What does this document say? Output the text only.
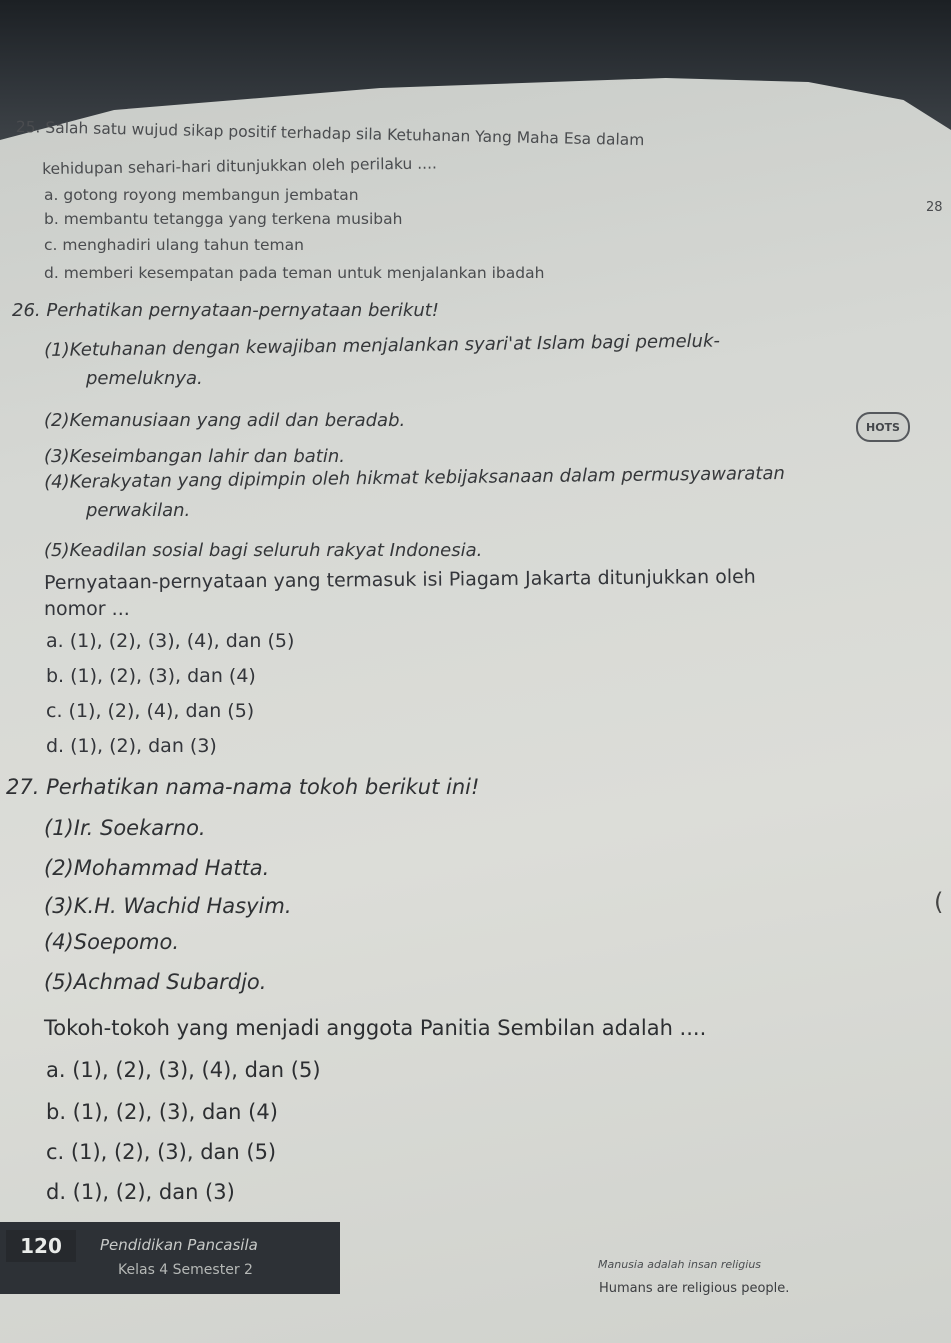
25. Salah satu wujud sikap positif terhadap sila Ketuhanan Yang Maha Esa dalam
kehidupan sehari-hari ditunjukkan oleh perilaku ....
a. gotong royong membangun jembatan
b. membantu tetangga yang terkena musibah
c. menghadiri ulang tahun teman
d. memberi kesempatan pada teman untuk menjalankan ibadah
28
26. Perhatikan pernyataan-pernyataan berikut!
(1)Ketuhanan dengan kewajiban menjalankan syari'at Islam bagi pemeluk-
pemeluknya.
HOTS
(2)Kemanusiaan yang adil dan beradab.
(3)Keseimbangan lahir dan batin.
(4)Kerakyatan yang dipimpin oleh hikmat kebijaksanaan dalam permusyawaratan
perwakilan.
(5)Keadilan sosial bagi seluruh rakyat Indonesia.
Pernyataan-pernyataan yang termasuk isi Piagam Jakarta ditunjukkan oleh
nomor ...
a. (1), (2), (3), (4), dan (5)
b. (1), (2), (3), dan (4)
c. (1), (2), (4), dan (5)
d. (1), (2), dan (3)
27. Perhatikan nama-nama tokoh berikut ini!
(1)Ir. Soekarno.
(2)Mohammad Hatta.
(3)K.H. Wachid Hasyim.
(4)Soepomo.
(5)Achmad Subardjo.
(
Tokoh-tokoh yang menjadi anggota Panitia Sembilan adalah ....
a. (1), (2), (3), (4), dan (5)
b. (1), (2), (3), dan (4)
c. (1), (2), (3), dan (5)
d. (1), (2), dan (3)
120	Pendidikan Pancasila
Kelas 4 Semester 2	Manusia adalah insan religius
Humans are religious people.
